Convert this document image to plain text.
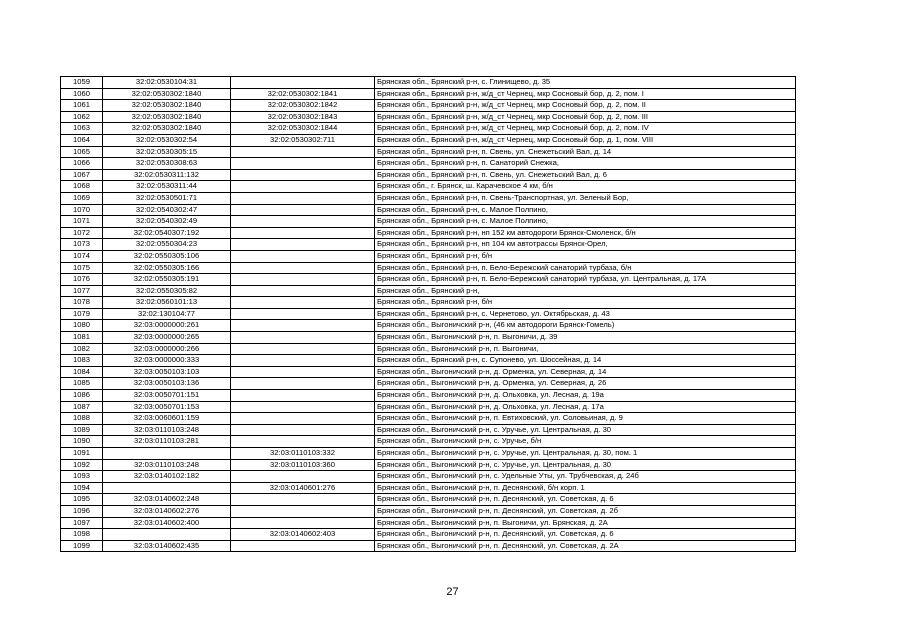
1059	32:02:0530104:31		Брянская обл., Брянский р-н, с. Глинищево, д. 35
1060	32:02:0530302:1840	32:02:0530302:1841	Брянская обл., Брянский р-н, ж/д_ст Чернец, мкр Сосновый бор, д. 2, пом. I
1061	32:02:0530302:1840	32:02:0530302:1842	Брянская обл., Брянский р-н, ж/д_ст Чернец, мкр Сосновый бор, д. 2, пом. II
1062	32:02:0530302:1840	32:02:0530302:1843	Брянская обл., Брянский р-н, ж/д_ст Чернец, мкр Сосновый бор, д. 2, пом. III
1063	32:02:0530302:1840	32:02:0530302:1844	Брянская обл., Брянский р-н, ж/д_ст Чернец, мкр Сосновый бор, д. 2, пом. IV
1064	32:02:0530302:54	32:02:0530302:711	Брянская обл., Брянский р-н, ж/д_ст Чернец, мкр Сосновый бор, д. 1, пом. VIII
1065	32:02:0530305:15		Брянская обл., Брянский р-н, п. Свень, ул. Снежетьский Вал, д. 14
1066	32:02:0530308:63		Брянская обл., Брянский р-н, п. Санаторий Снежка,
1067	32:02:0530311:132		Брянская обл., Брянский р-н, п. Свень, ул. Снежетьский Вал, д. 6
1068	32:02:0530311:44		Брянская обл., г. Брянск, ш. Карачевское 4 км, б/н
1069	32:02:0530501:71		Брянская обл., Брянский р-н, п. Свень-Транспортная, ул. Зеленый Бор,
1070	32:02:0540302:47		Брянская обл., Брянский р-н, с. Малое Полпино,
1071	32:02:0540302:49		Брянская обл., Брянский р-н, с. Малое Полпино,
1072	32:02:0540307:192		Брянская обл., Брянский р-н, нп 152 км автодороги Брянск-Смоленск, б/н
1073	32:02:0550304:23		Брянская обл., Брянский р-н, нп 104 км автотрассы Брянск-Орел,
1074	32:02:0550305:106		Брянская обл., Брянский р-н, б/н
1075	32:02:0550305:166		Брянская обл., Брянский р-н, п. Бело-Бережский санаторий турбаза, б/н
1076	32:02:0550305:191		Брянская обл., Брянский р-н, п. Бело-Бережский санаторий турбаза, ул. Центральная, д. 17А
1077	32:02:0550305:82		Брянская обл., Брянский р-н,
1078	32:02:0560101:13		Брянская обл., Брянский р-н, б/н
1079	32:02:130104:77		Брянская обл., Брянский р-н, с. Чернетово, ул. Октябрьская, д. 43
1080	32:03:0000000:261		Брянская обл., Выгоничский р-н, (46 км автодороги Брянск-Гомель)
1081	32:03:0000000:265		Брянская обл., Выгоничский р-н, п. Выгоничи, д. 39
1082	32:03:0000000:266		Брянская обл., Выгоничский р-н, п. Выгоничи,
1083	32:03:0000000:333		Брянская обл., Брянский р-н, с. Супонево, ул. Шоссейная, д. 14
1084	32:03:0050103:103		Брянская обл., Выгоничский р-н, д. Орменка, ул. Северная, д. 14
1085	32:03:0050103:136		Брянская обл., Выгоничский р-н, д. Орменка, ул. Северная, д. 26
1086	32:03:0050701:151		Брянская обл., Выгоничский р-н, д. Ольховка, ул. Лесная, д. 19а
1087	32:03:0050701:153		Брянская обл., Выгоничский р-н, д. Ольховка, ул. Лесная, д. 17а
1088	32:03:0060601:159		Брянская обл., Выгоничский р-н, п. Евтиховский, ул. Соловьиная, д. 9
1089	32:03:0110103:248		Брянская обл., Выгоничский р-н, с. Уручье, ул. Центральная, д. 30
1090	32:03:0110103:281		Брянская обл., Выгоничский р-н, с. Уручье, б/н
1091		32:03:0110103:332	Брянская обл., Выгоничский р-н, с. Уручье, ул. Центральная, д. 30, пом. 1
1092	32:03:0110103:248	32:03:0110103:360	Брянская обл., Выгоничский р-н, с. Уручье, ул. Центральная, д. 30
1093	32:03:0140102:182		Брянская обл., Выгоничский р-н, с. Удельные Уты, ул. Трубчевская, д. 24б
1094		32:03:0140601:276	Брянская обл., Выгоничский р-н, п. Деснянский, б/н корп. 1
1095	32:03:0140602:248		Брянская обл., Выгоничский р-н, п. Деснянский, ул. Советская, д. 6
1096	32:03:0140602:276		Брянская обл., Выгоничский р-н, п. Деснянский, ул. Советская, д. 2б
1097	32:03:0140602:400		Брянская обл., Выгоничский р-н, п. Выгоничи, ул. Брянская, д. 2А
1098		32:03:0140602:403	Брянская обл., Выгоничский р-н, п. Деснянский, ул. Советская, д. 6
1099	32:03:0140602:435		Брянская обл., Выгоничский р-н, п. Деснянский, ул. Советская, д. 2А
27
